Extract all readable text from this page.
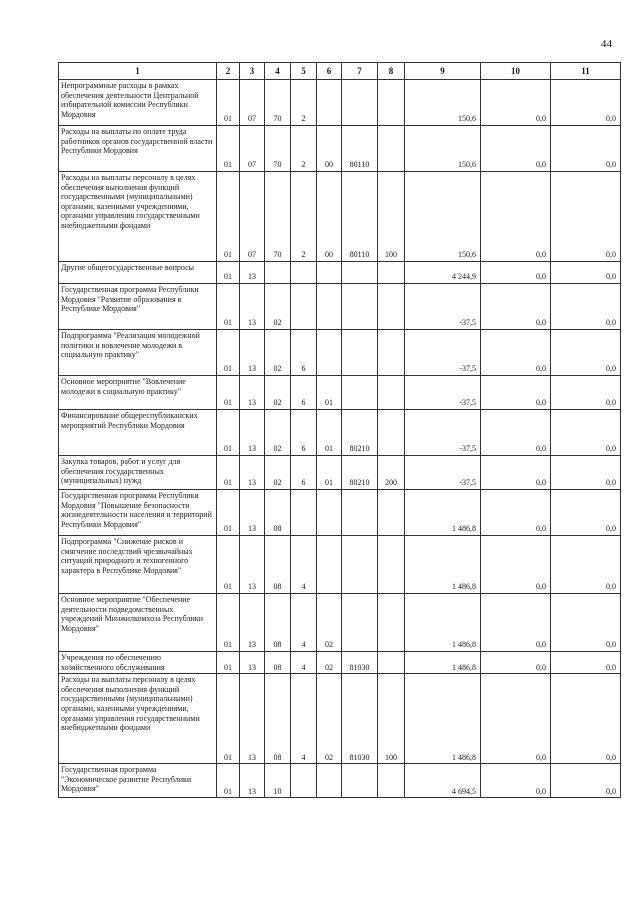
44
1	2	3	4	5	6	7	8	9	10	11
Непрограммные расходы в рамках обеспечения деятельности Центральной избирательной комиссии Республики Мордовия	01	07	70	2				150,6	0,0	0,0
Расходы на выплаты по оплате труда работников органов государственной власти Республики Мордовия	01	07	70	2	00	80110		150,6	0,0	0,0
Расходы на выплаты персоналу в целях обеспечения выполнения функций государственными (муниципальными) органами, казенными учреждениями, органами управления государственными внебюджетными фондами	01	07	70	2	00	80110	100	150,6	0,0	0,0
Другие общегосударственные вопросы	01	13						4 244,9	0,0	0,0
Государственная программа Республики Мордовия "Развитие образования в Республике Мордовия"	01	13	02					-37,5	0,0	0,0
Подпрограмма "Реализация молодежной политики и вовлечение молодежи в социальную практику"	01	13	02	6				-37,5	0,0	0,0
Основное мероприятие "Вовлечение молодежи в социальную практику"	01	13	02	6	01			-37,5	0,0	0,0
Финансирование общереспубликанских мероприятий Республики Мордовия	01	13	02	6	01	80210		-37,5	0,0	0,0
Закупка товаров, работ и услуг для обеспечения государственных (муниципальных) нужд	01	13	02	6	01	80210	200	-37,5	0,0	0,0
Государственная программа Республики Мордовия "Повышение безопасности жизнедеятельности населения и территорий Республики Мордовия"	01	13	08					1 486,8	0,0	0,0
Подпрограмма "Снижение рисков и смягчение последствий чрезвычайных ситуаций природного и техногенного характера в Республике Мордовия"	01	13	08	4				1 486,8	0,0	0,0
Основное мероприятие "Обеспечение деятельности подведомственных учреждений Минжилкомхоза Республики Мордовия"	01	13	08	4	02			1 486,8	0,0	0,0
Учреждения по обеспечению хозяйственного обслуживания	01	13	08	4	02	81030		1 486,8	0,0	0,0
Расходы на выплаты персоналу в целях обеспечения выполнения функций государственными (муниципальными) органами, казенными учреждениями, органами управления государственными внебюджетными фондами	01	13	08	4	02	81030	100	1 486,8	0,0	0,0
Государственная программа "Экономическое развитие Республики Мордовия"	01	13	10					4 694,5	0,0	0,0
